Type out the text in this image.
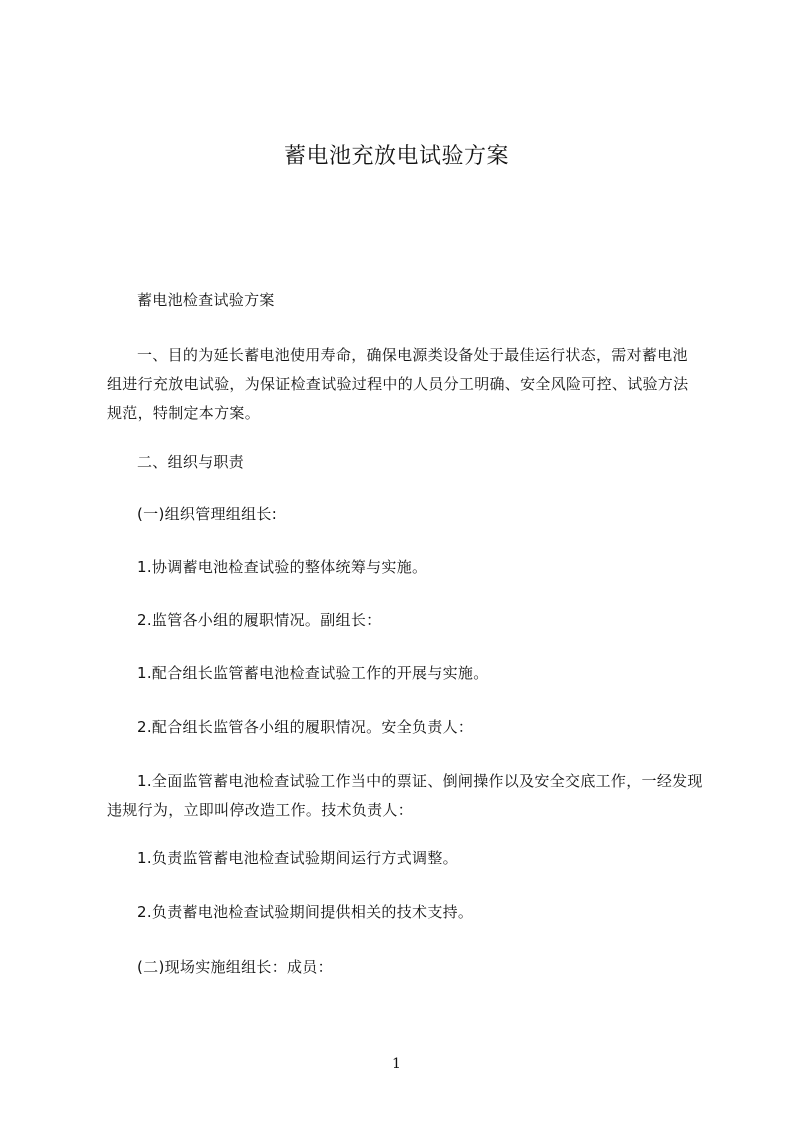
蓄电池充放电试验方案
蓄电池检查试验方案
一、目的为延长蓄电池使用寿命，确保电源类设备处于最佳运行状态，需对蓄电池组进行充放电试验，为保证检查试验过程中的人员分工明确、安全风险可控、试验方法规范，特制定本方案。
二、组织与职责
(一)组织管理组组长:
1.协调蓄电池检查试验的整体统筹与实施。
2.监管各小组的履职情况。副组长：
1.配合组长监管蓄电池检查试验工作的开展与实施。
2.配合组长监管各小组的履职情况。安全负责人：
1.全面监管蓄电池检查试验工作当中的票证、倒闸操作以及安全交底工作，一经发现违规行为，立即叫停改造工作。技术负责人：
1.负责监管蓄电池检查试验期间运行方式调整。
2.负责蓄电池检查试验期间提供相关的技术支持。
(二)现场实施组组长：成员：
1
